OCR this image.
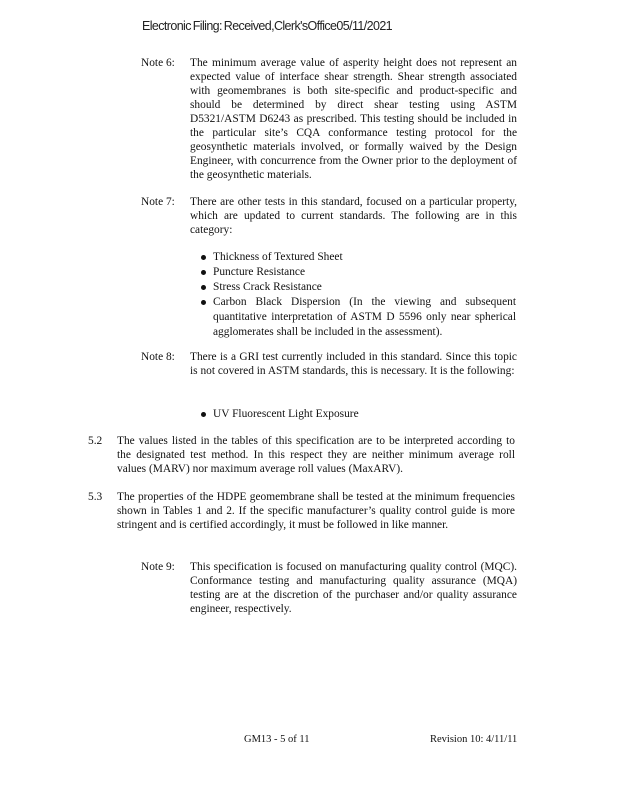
Electronic Filing: Received,Clerk'sOffice05/11/2021
Note 6: The minimum average value of asperity height does not represent an expected value of interface shear strength. Shear strength associated with geomembranes is both site-specific and product-specific and should be determined by direct shear testing using ASTM D5321/ASTM D6243 as prescribed. This testing should be included in the particular site’s CQA conformance testing protocol for the geosynthetic materials involved, or formally waived by the Design Engineer, with concurrence from the Owner prior to the deployment of the geosynthetic materials.
Note 7: There are other tests in this standard, focused on a particular property, which are updated to current standards. The following are in this category:
Thickness of Textured Sheet
Puncture Resistance
Stress Crack Resistance
Carbon Black Dispersion (In the viewing and subsequent quantitative interpretation of ASTM D 5596 only near spherical agglomerates shall be included in the assessment).
Note 8: There is a GRI test currently included in this standard. Since this topic is not covered in ASTM standards, this is necessary. It is the following:
UV Fluorescent Light Exposure
5.2 The values listed in the tables of this specification are to be interpreted according to the designated test method. In this respect they are neither minimum average roll values (MARV) nor maximum average roll values (MaxARV).
5.3 The properties of the HDPE geomembrane shall be tested at the minimum frequencies shown in Tables 1 and 2. If the specific manufacturer’s quality control guide is more stringent and is certified accordingly, it must be followed in like manner.
Note 9: This specification is focused on manufacturing quality control (MQC). Conformance testing and manufacturing quality assurance (MQA) testing are at the discretion of the purchaser and/or quality assurance engineer, respectively.
GM13 - 5 of 11	Revision 10: 4/11/11
